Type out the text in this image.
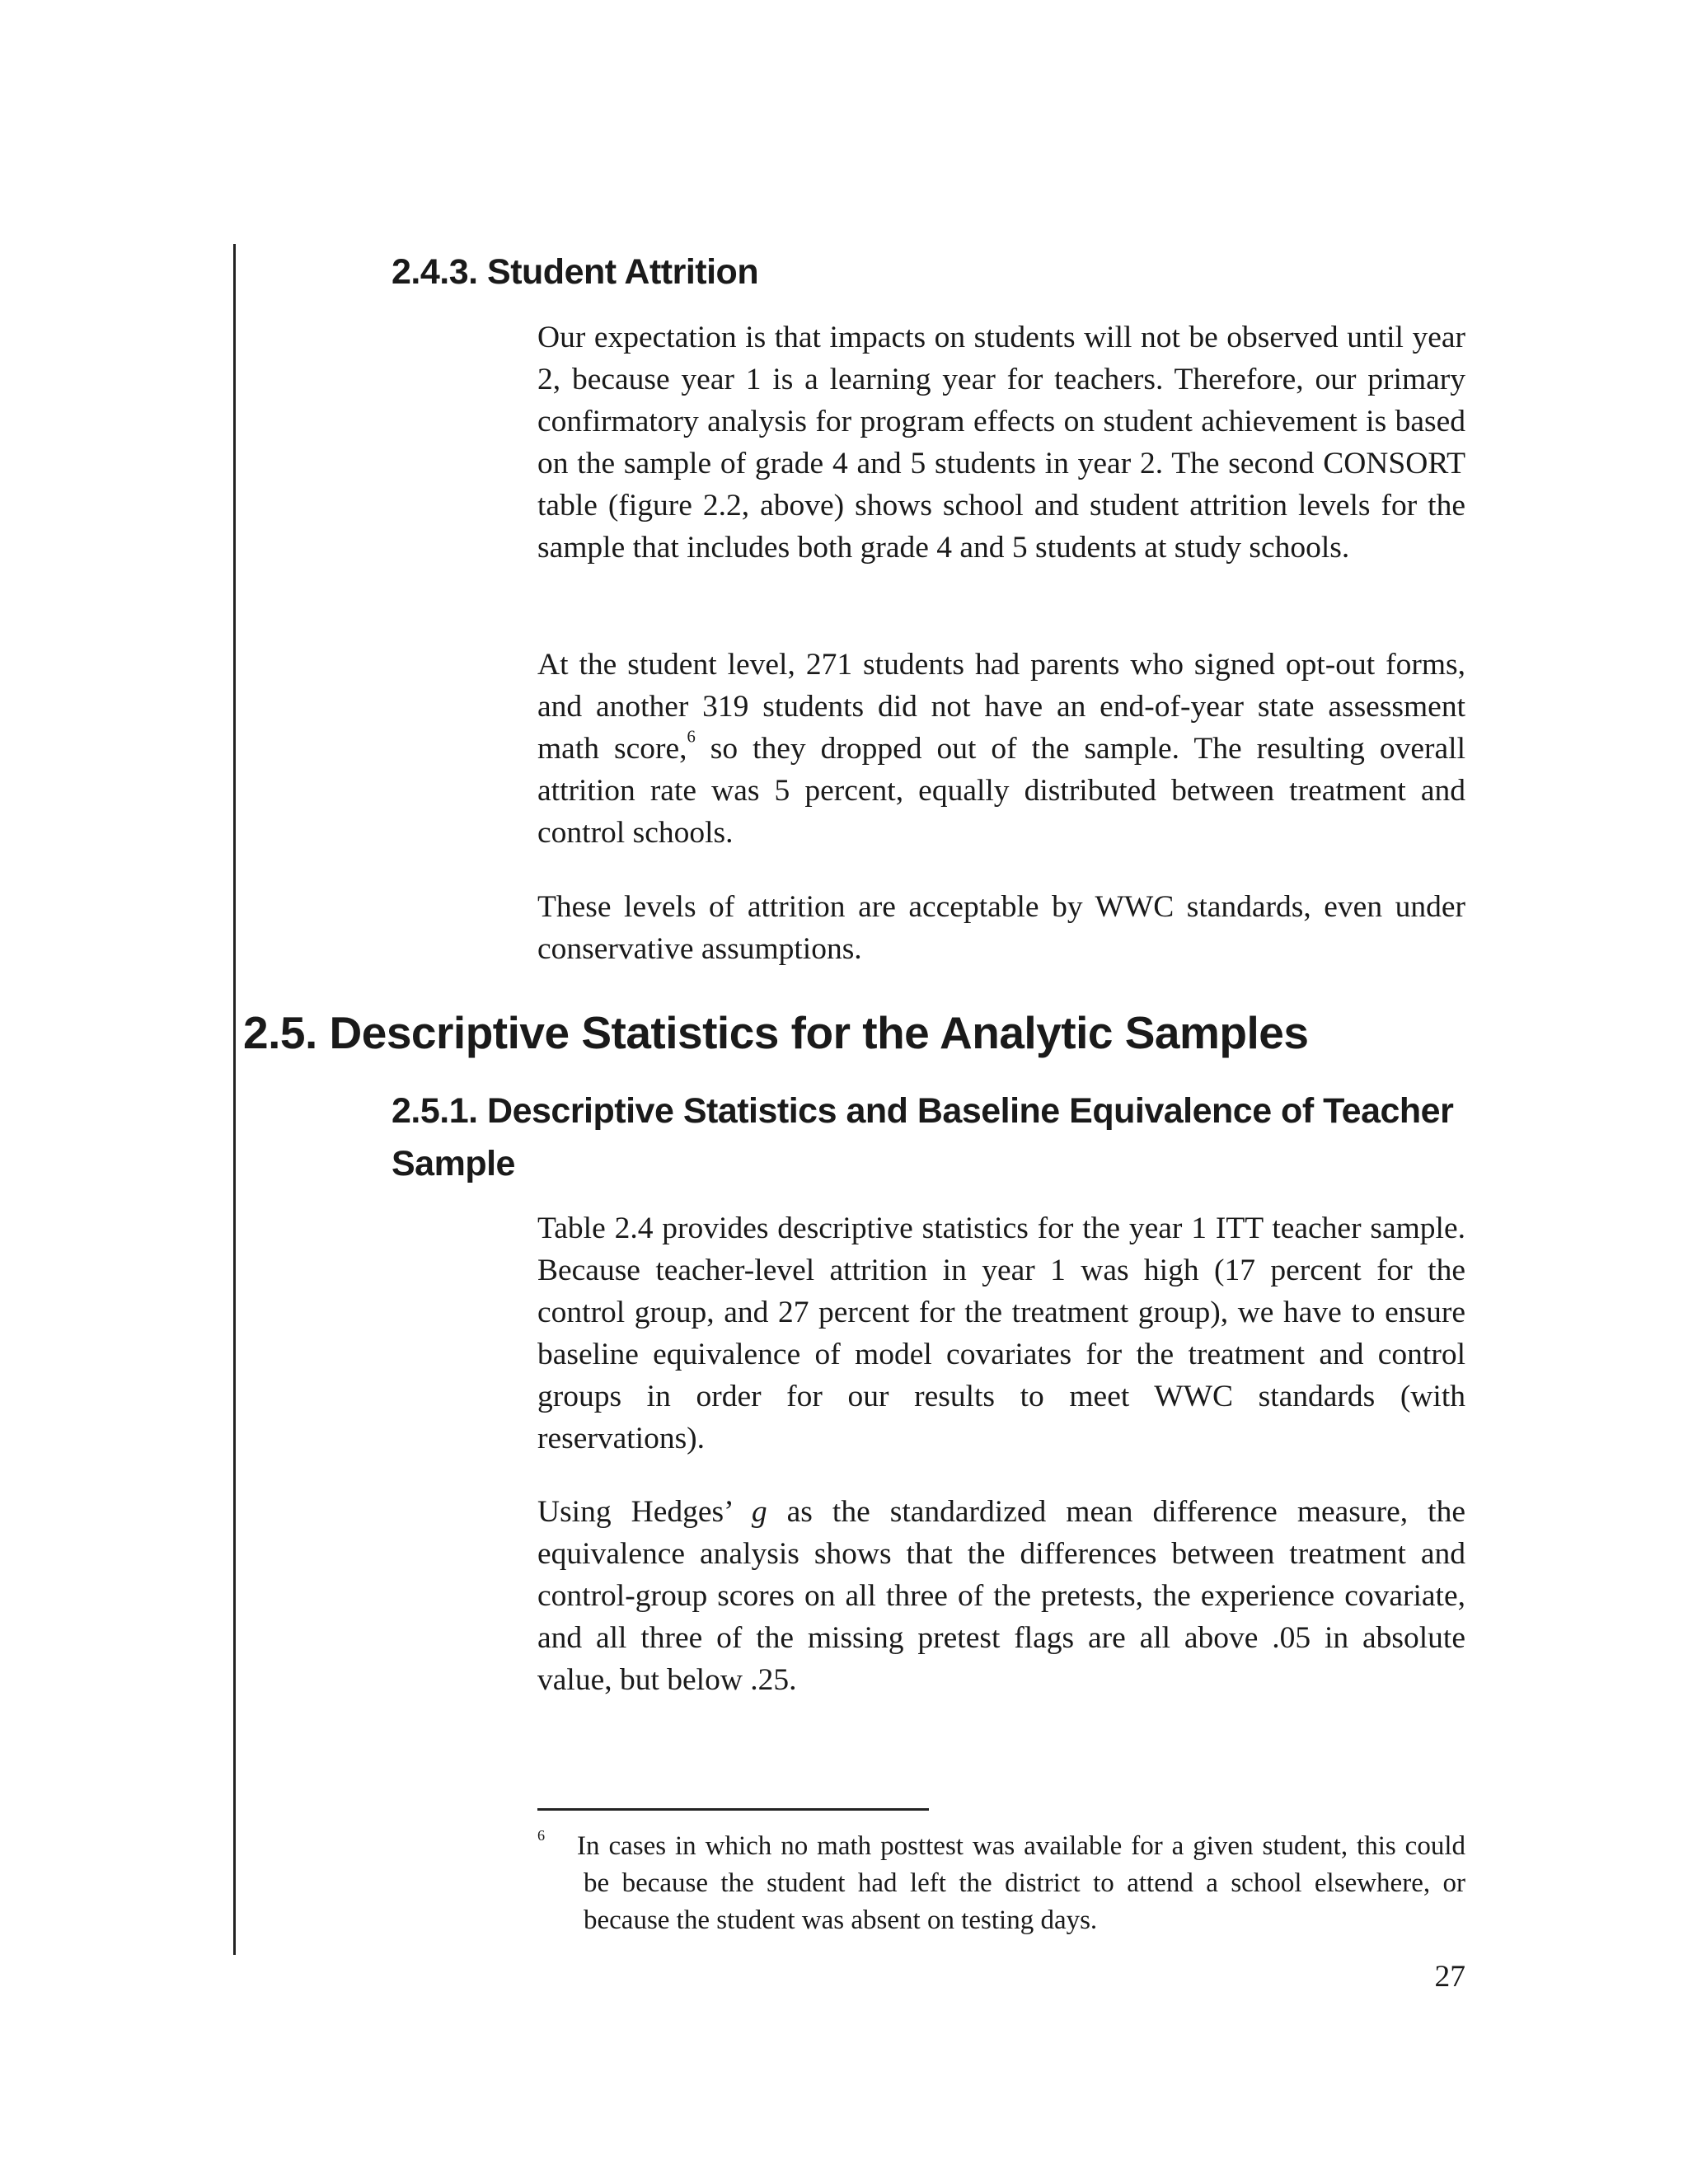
2.4.3. Student Attrition

Our expectation is that impacts on students will not be observed until year 2, because year 1 is a learning year for teachers. Therefore, our primary confirmatory analysis for program effects on student achievement is based on the sample of grade 4 and 5 students in year 2. The second CONSORT table (figure 2.2, above) shows school and student attrition levels for the sample that includes both grade 4 and 5 students at study schools.

At the student level, 271 students had parents who signed opt-out forms, and another 319 students did not have an end-of-year state assessment math score,$^6$ so they dropped out of the sample. The resulting overall attrition rate was 5 percent, equally distributed between treatment and control schools.

These levels of attrition are acceptable by WWC standards, even under conservative assumptions.

2.5. Descriptive Statistics for the Analytic Samples
2.5.1. Descriptive Statistics and Baseline Equivalence of Teacher Sample

Table 2.4 provides descriptive statistics for the year 1 ITT teacher sample. Because teacher-level attrition in year 1 was high (17 percent for the control group, and 27 percent for the treatment group), we have to ensure baseline equivalence of model covariates for the treatment and control groups in order for our results to meet WWC standards (with reservations).

Using Hedges’ g as the standardized mean difference measure, the equivalence analysis shows that the differences between treatment and control-group scores on all three of the pretests, the experience covariate, and all three of the missing pretest flags are all above .05 in absolute value, but below .25.

$^6$ In cases in which no math posttest was available for a given student, this could be because the student had left the district to attend a school elsewhere, or because the student was absent on testing days.

27
